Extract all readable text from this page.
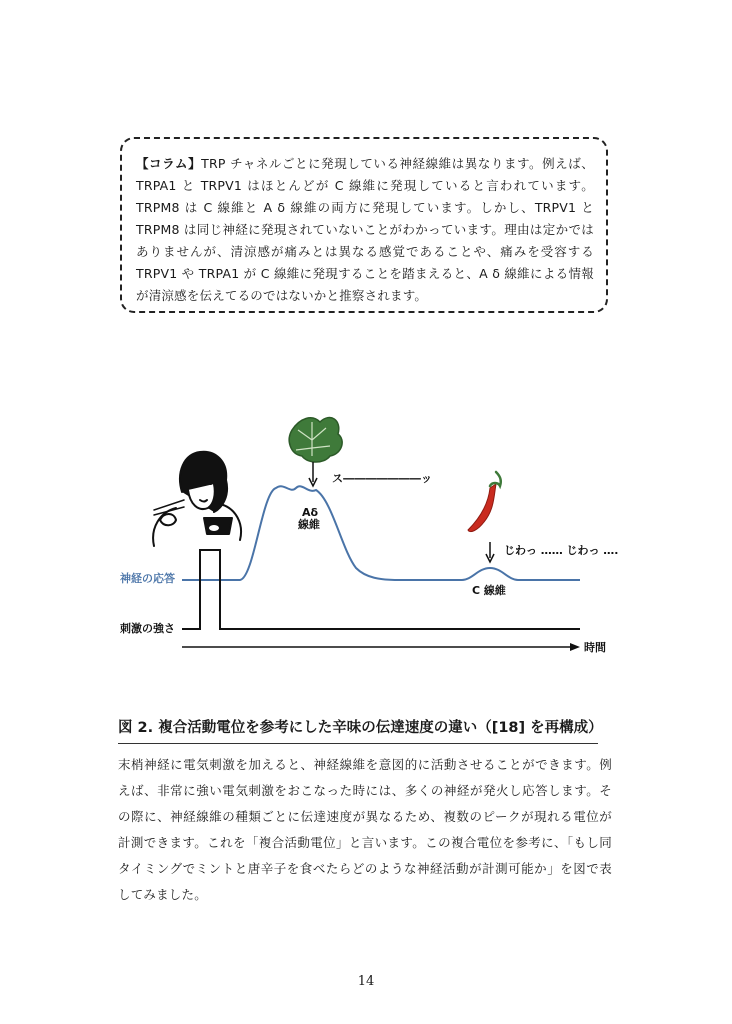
【コラム】TRP チャネルごとに発現している神経線維は異なります。例えば、TRPA1 と TRPV1 はほとんどが C 線維に発現していると言われています。TRPM8 は C 線維と A δ 線維の両方に発現しています。しかし、TRPV1 と TRPM8 は同じ神経に発現されていないことがわかっています。理由は定かではありませんが、清涼感が痛みとは異なる感覚であることや、痛みを受容する TRPV1 や TRPA1 が C 線維に発現することを踏まえると、A δ 線維による情報が清涼感を伝えてるのではないかと推察されます。

ス―――――――ッ
じわっ …… じわっ ….
Aδ
線維
C 線維
神経の応答
刺激の強さ
時間
図 2. 複合活動電位を参考にした辛味の伝達速度の違い（[18] を再構成）

末梢神経に電気刺激を加えると、神経線維を意図的に活動させることができます。例えば、非常に強い電気刺激をおこなった時には、多くの神経が発火し応答します。その際に、神経線維の種類ごとに伝達速度が異なるため、複数のピークが現れる電位が計測できます。これを「複合活動電位」と言います。この複合電位を参考に、「もし同タイミングでミントと唐辛子を食べたらどのような神経活動が計測可能か」を図で表してみました。

14
